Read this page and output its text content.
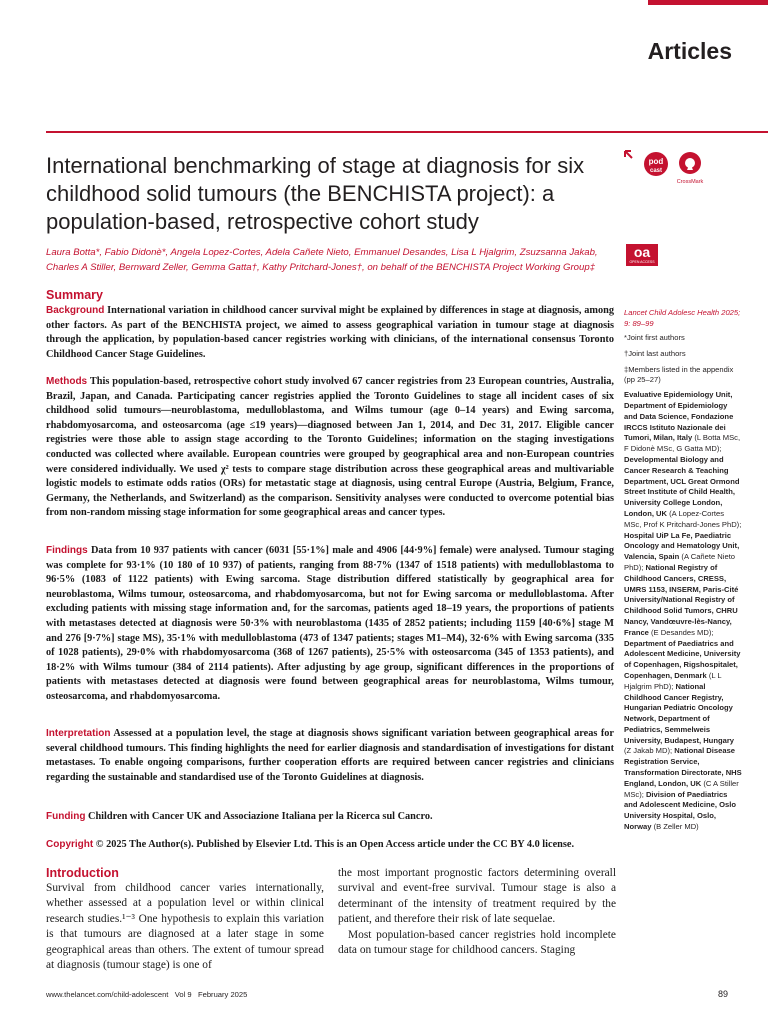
Articles
International benchmarking of stage at diagnosis for six childhood solid tumours (the BENCHISTA project): a population-based, retrospective cohort study
pod
cast
CrossMark
Laura Botta*, Fabio Didonè*, Angela Lopez-Cortes, Adela Cañete Nieto, Emmanuel Desandes, Lisa L Hjalgrim, Zsuzsanna Jakab, Charles A Stiller, Bernward Zeller, Gemma Gatta†, Kathy Pritchard-Jones†, on behalf of the BENCHISTA Project Working Group‡
oa
OPEN ACCESS
Summary
Background International variation in childhood cancer survival might be explained by differences in stage at diagnosis, among other factors. As part of the BENCHISTA project, we aimed to assess geographical variation in tumour stage at diagnosis through the application, by population-based cancer registries working with clinicians, of the international consensus Toronto Childhood Cancer Stage Guidelines.
Methods This population-based, retrospective cohort study involved 67 cancer registries from 23 European countries, Australia, Brazil, Japan, and Canada. Participating cancer registries applied the Toronto Guidelines to stage all incident cases of six childhood solid tumours—neuroblastoma, medulloblastoma, and Wilms tumour (age 0–14 years) and Ewing sarcoma, rhabdomyosarcoma, and osteosarcoma (age ≤19 years)—diagnosed between Jan 1, 2014, and Dec 31, 2017. Eligible cancer registries were those able to assign stage according to the Toronto Guidelines; information on the staging investigations conducted was collected where available. European countries were grouped by geographical area and non-European countries were considered individually. We used χ² tests to compare stage distribution across these geographical areas and multivariable logistic models to estimate odds ratios (ORs) for metastatic stage at diagnosis, using central Europe (Austria, Belgium, France, Germany, the Netherlands, and Switzerland) as the comparison. Sensitivity analyses were conducted to overcome potential bias from non-random missing stage information for some geographical areas and cancer types.
Findings Data from 10 937 patients with cancer (6031 [55·1%] male and 4906 [44·9%] female) were analysed. Tumour staging was complete for 93·1% (10 180 of 10 937) of patients, ranging from 88·7% (1347 of 1518 patients) with medulloblastoma to 96·5% (1083 of 1122 patients) with Ewing sarcoma. Stage distribution differed statistically by geographical area for neuroblastoma, Wilms tumour, osteosarcoma, and rhabdomyosarcoma, but not for Ewing sarcoma or medulloblastoma. After excluding patients with missing stage information and, for the sarcomas, patients aged 18–19 years, the proportions of patients with metastases detected at diagnosis were 50·3% with neuroblastoma (1435 of 2852 patients; including 1159 [40·6%] stage M and 276 [9·7%] stage MS), 35·1% with medulloblastoma (473 of 1347 patients; stages M1–M4), 32·6% with Ewing sarcoma (335 of 1028 patients), 29·0% with rhabdomyosarcoma (368 of 1267 patients), 25·5% with osteosarcoma (345 of 1353 patients), and 18·2% with Wilms tumour (384 of 2114 patients). After adjusting by age group, significant differences in the proportions of patients with metastases detected at diagnosis were found between geographical areas for neuroblastoma, Wilms tumour, osteosarcoma, and rhabdomyosarcoma.
Interpretation Assessed at a population level, the stage at diagnosis shows significant variation between geographical areas for several childhood tumours. This finding highlights the need for earlier diagnosis and standardisation of investigations for distant metastases. To enable ongoing comparisons, further cooperation efforts are required between cancer registries and clinicians regarding the sustainable and standardised use of the Toronto Guidelines at diagnosis.
Funding Children with Cancer UK and Associazione Italiana per la Ricerca sul Cancro.
Copyright © 2025 The Author(s). Published by Elsevier Ltd. This is an Open Access article under the CC BY 4.0 license.
Introduction
Survival from childhood cancer varies internationally, whether assessed at a population level or within clinical research studies.¹⁻³ One hypothesis to explain this variation is that tumours are diagnosed at a later stage in some geographical areas than others. The extent of tumour spread at diagnosis (tumour stage) is one of
the most important prognostic factors determining overall survival and event-free survival. Tumour stage is also a determinant of the intensity of treatment required by the patient, and therefore their risk of late sequelae.
Most population-based cancer registries hold incomplete data on tumour stage for childhood cancers. Staging
Lancet Child Adolesc Health 2025; 9: 89–99
*Joint first authors
†Joint last authors
‡Members listed in the appendix (pp 25–27)
Evaluative Epidemiology Unit, Department of Epidemiology and Data Science, Fondazione IRCCS Istituto Nazionale dei Tumori, Milan, Italy (L Botta MSc, F Didonè MSc, G Gatta MD); Developmental Biology and Cancer Research & Teaching Department, UCL Great Ormond Street Institute of Child Health, University College London, London, UK (A Lopez-Cortes MSc, Prof K Pritchard-Jones PhD); Hospital UiP La Fe, Paediatric Oncology and Hematology Unit, Valencia, Spain (A Cañete Nieto PhD); National Registry of Childhood Cancers, CRESS, UMRS 1153, INSERM, Paris-Cité University/National Registry of Childhood Solid Tumors, CHRU Nancy, Vandœuvre-lès-Nancy, France (E Desandes MD); Department of Paediatrics and Adolescent Medicine, University of Copenhagen, Rigshospitalet, Copenhagen, Denmark (L L Hjalgrim PhD); National Childhood Cancer Registry, Hungarian Pediatric Oncology Network, Department of Pediatrics, Semmelweis University, Budapest, Hungary (Z Jakab MD); National Disease Registration Service, Transformation Directorate, NHS England, London, UK (C A Stiller MSc); Division of Paediatrics and Adolescent Medicine, Oslo University Hospital, Oslo, Norway (B Zeller MD)
www.thelancet.com/child-adolescent   Vol 9   February 2025	89
